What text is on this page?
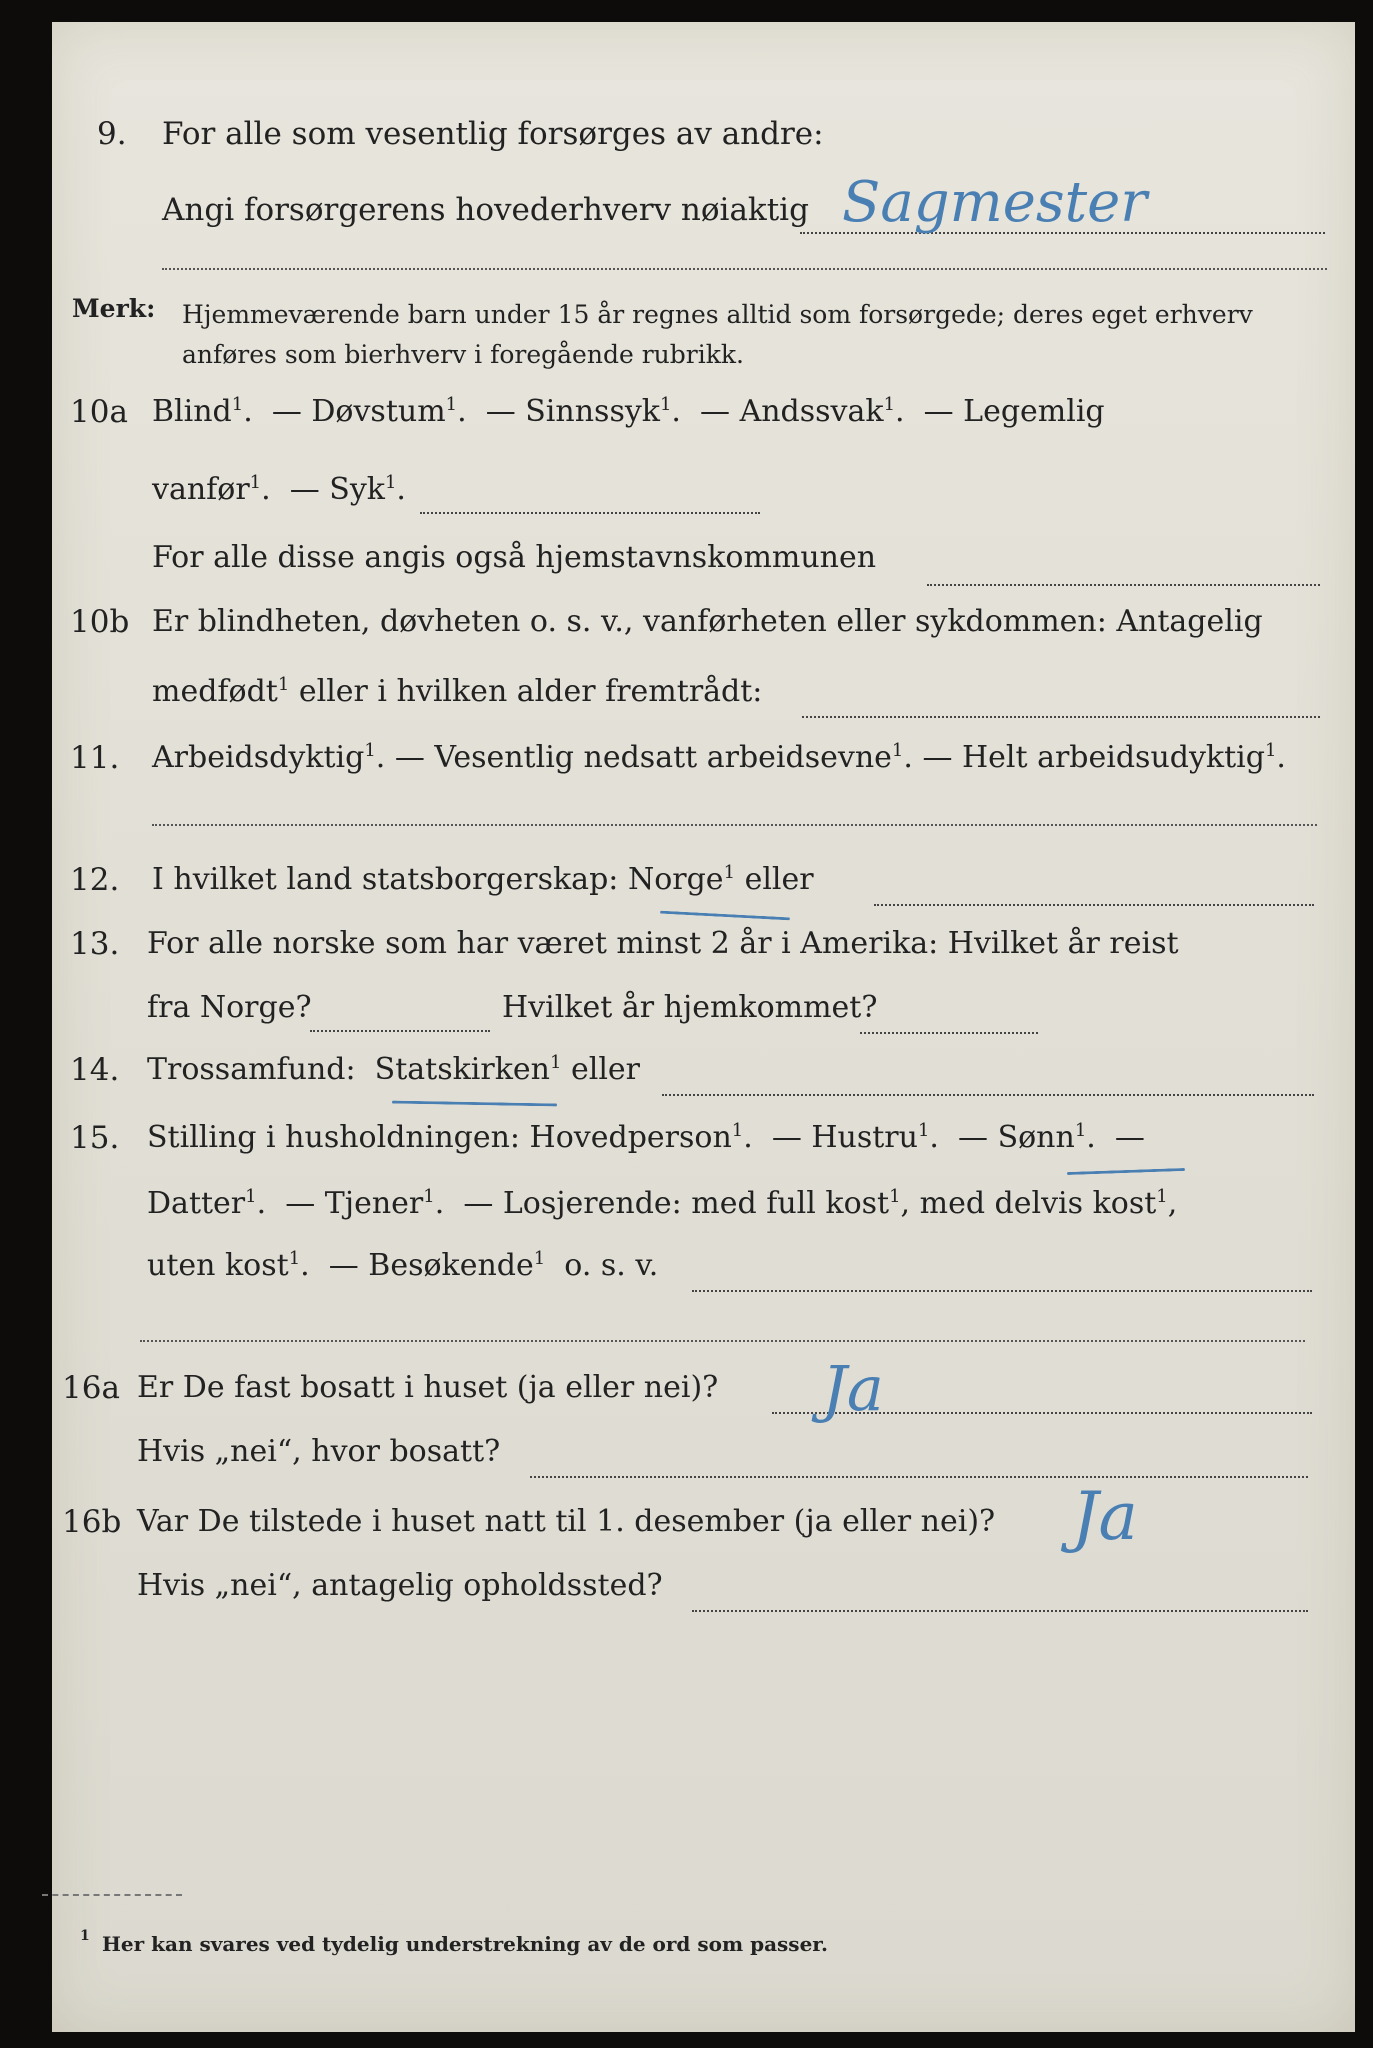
9. For alle som vesentlig forsørges av andre:
Angi forsørgerens hovederhverv nøiaktig Sagmester
Merk: Hjemmeværende barn under 15 år regnes alltid som forsørgede; deres eget erhverv
anføres som bierhverv i foregående rubrikk.
10a Blind$^1$.  — Døvstum$^1$.  — Sinnssyk$^1$.  — Andssvak$^1$.  — Legemlig
vanfør$^1$.  — Syk$^1$.
For alle disse angis også hjemstavnskommunen
10b Er blindheten, døvheten o. s. v., vanførheten eller sykdommen: Antagelig
medfødt$^1$ eller i hvilken alder fremtrådt:
11. Arbeidsdyktig$^1$. — Vesentlig nedsatt arbeidsevne$^1$. — Helt arbeidsudyktig$^1$.
12. I hvilket land statsborgerskap: Norge$^1$ eller
13. For alle norske som har været minst 2 år i Amerika: Hvilket år reist
fra Norge?	Hvilket år hjemkommet?
14. Trossamfund: Statskirken$^1$ eller
15. Stilling i husholdningen: Hovedperson$^1$.  — Hustru$^1$.  — Sønn$^1$.  —
Datter$^1$.  — Tjener$^1$.  — Losjerende: med full kost$^1$, med delvis kost$^1$,
uten kost$^1$.  — Besøkende$^1$ o. s. v.
16a Er De fast bosatt i huset (ja eller nei)? Ja
Hvis „nei“, hvor bosatt?
16b Var De tilstede i huset natt til 1. desember (ja eller nei)? Ja
Hvis „nei“, antagelig opholdssted?
1 Her kan svares ved tydelig understrekning av de ord som passer.
